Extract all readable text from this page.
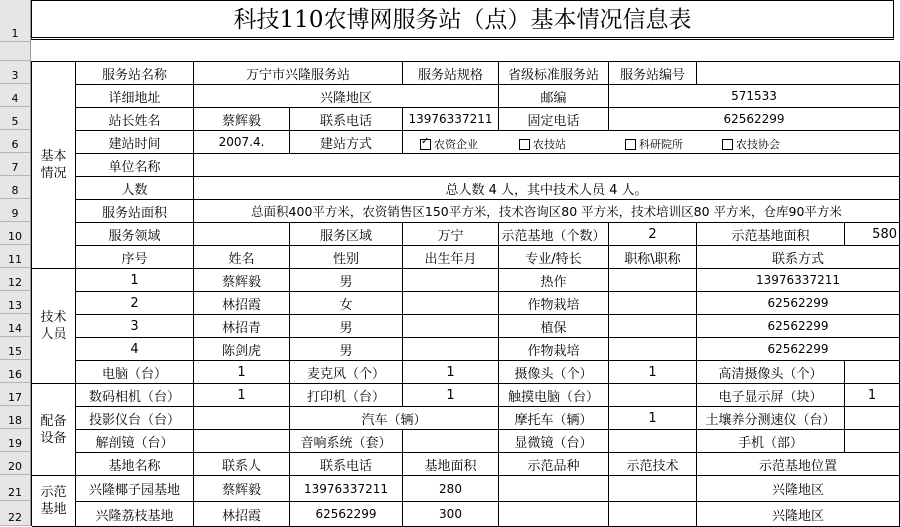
1
3
4
5
6
7
8
9
10
11
12
13
14
15
16
17
18
19
20
21
22
科技110农博网服务站（点）基本情况信息表
基本情况
技术人员
配备设备
示范基地
服务站名称	万宁市兴隆服务站	服务站规格	省级标准服务站	服务站编号
详细地址	兴隆地区	邮编	571533
站长姓名	蔡辉毅	联系电话	13976337211	固定电话	62562299
建站时间	2007.4.	建站方式
✓	农资企业	农技站	科研院所	农技协会
单位名称
人数	总人数 4 人，其中技术人员 4 人。
服务站面积	总面积400平方米，农资销售区150平方米，技术咨询区80 平方米，技术培训区80 平方米，仓库90平方米
服务领域	服务区域	万宁	示范基地（个数）	2	示范基地面积	580
序号	姓名	性别	出生年月	专业/特长	职称\职称	联系方式
1	蔡辉毅	男	热作	13976337211
2	林招霞	女	作物栽培	62562299
3	林招青	男	植保	62562299
4	陈剑虎	男	作物栽培	62562299
电脑（台）	1	麦克风（个）	1	摄像头（个）	1	高清摄像头（个）
数码相机（台）	1	打印机（台）	1	触摸电脑（台）	电子显示屏（块）	1
投影仪台（台）	汽车（辆）	摩托车（辆）	1	土壤养分测速仪（台）
解剖镜（台）	音响系统（套）	显微镜（台）	手机（部）
基地名称	联系人	联系电话	基地面积	示范品种	示范技术	示范基地位置
兴隆椰子园基地	蔡辉毅	13976337211	280	兴隆地区
兴隆荔枝基地	林招霞	62562299	300	兴隆地区
